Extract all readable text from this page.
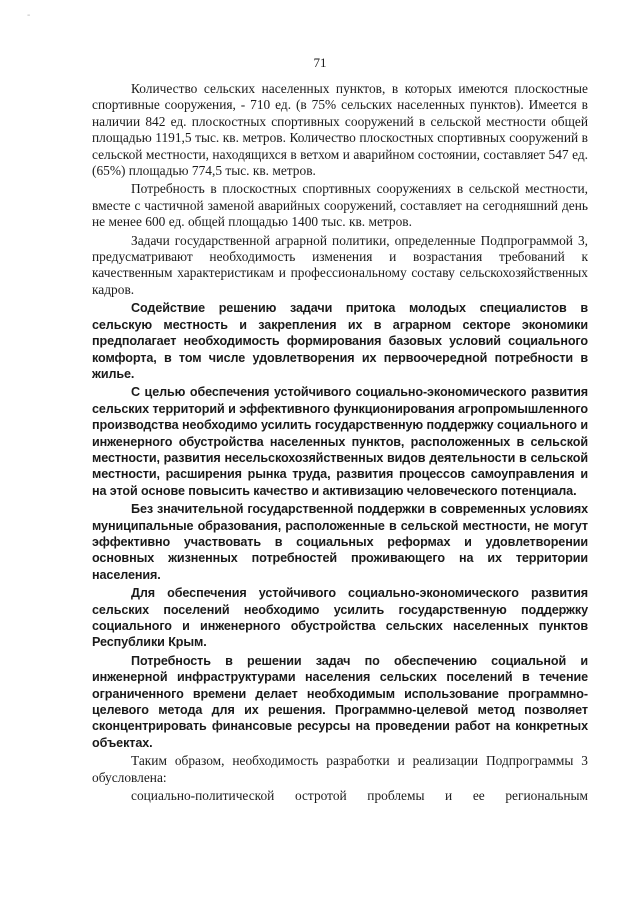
-
71

Количество сельских населенных пунктов, в которых имеются плоскостные спортивные сооружения, - 710 ед. (в 75% сельских населенных пунктов). Имеется в наличии 842 ед. плоскостных спортивных сооружений в сельской местности общей площадью 1191,5 тыс. кв. метров. Количество плоскостных спортивных сооружений в сельской местности, находящихся в ветхом и аварийном состоянии, составляет 547 ед. (65%) площадью 774,5 тыс. кв. метров.

Потребность в плоскостных спортивных сооружениях в сельской местности, вместе с частичной заменой аварийных сооружений, составляет на сегодняшний день не менее 600 ед. общей площадью 1400 тыс. кв. метров.

Задачи государственной аграрной политики, определенные Подпрограммой 3, предусматривают необходимость изменения и возрастания требований к качественным характеристикам и профессиональному составу сельскохозяйственных кадров.

Содействие решению задачи притока молодых специалистов в сельскую местность и закрепления их в аграрном секторе экономики предполагает необходимость формирования базовых условий социального комфорта, в том числе удовлетворения их первоочередной потребности в жилье.

С целью обеспечения устойчивого социально-экономического развития сельских территорий и эффективного функционирования агропромышленного производства необходимо усилить государственную поддержку социального и инженерного обустройства населенных пунктов, расположенных в сельской местности, развития несельскохозяйственных видов деятельности в сельской местности, расширения рынка труда, развития процессов самоуправления и на этой основе повысить качество и активизацию человеческого потенциала.

Без значительной государственной поддержки в современных условиях муниципальные образования, расположенные в сельской местности, не могут эффективно участвовать в социальных реформах и удовлетворении основных жизненных потребностей проживающего на их территории населения.

Для обеспечения устойчивого социально-экономического развития сельских поселений необходимо усилить государственную поддержку социального и инженерного обустройства сельских населенных пунктов Республики Крым.

Потребность в решении задач по обеспечению социальной и инженерной инфраструктурами населения сельских поселений в течение ограниченного времени делает необходимым использование программно-целевого метода для их решения. Программно-целевой метод позволяет сконцентрировать финансовые ресурсы на проведении работ на конкретных объектах.

Таким образом, необходимость разработки и реализации Подпрограммы 3 обусловлена:

социально-политической остротой проблемы и ее региональным
